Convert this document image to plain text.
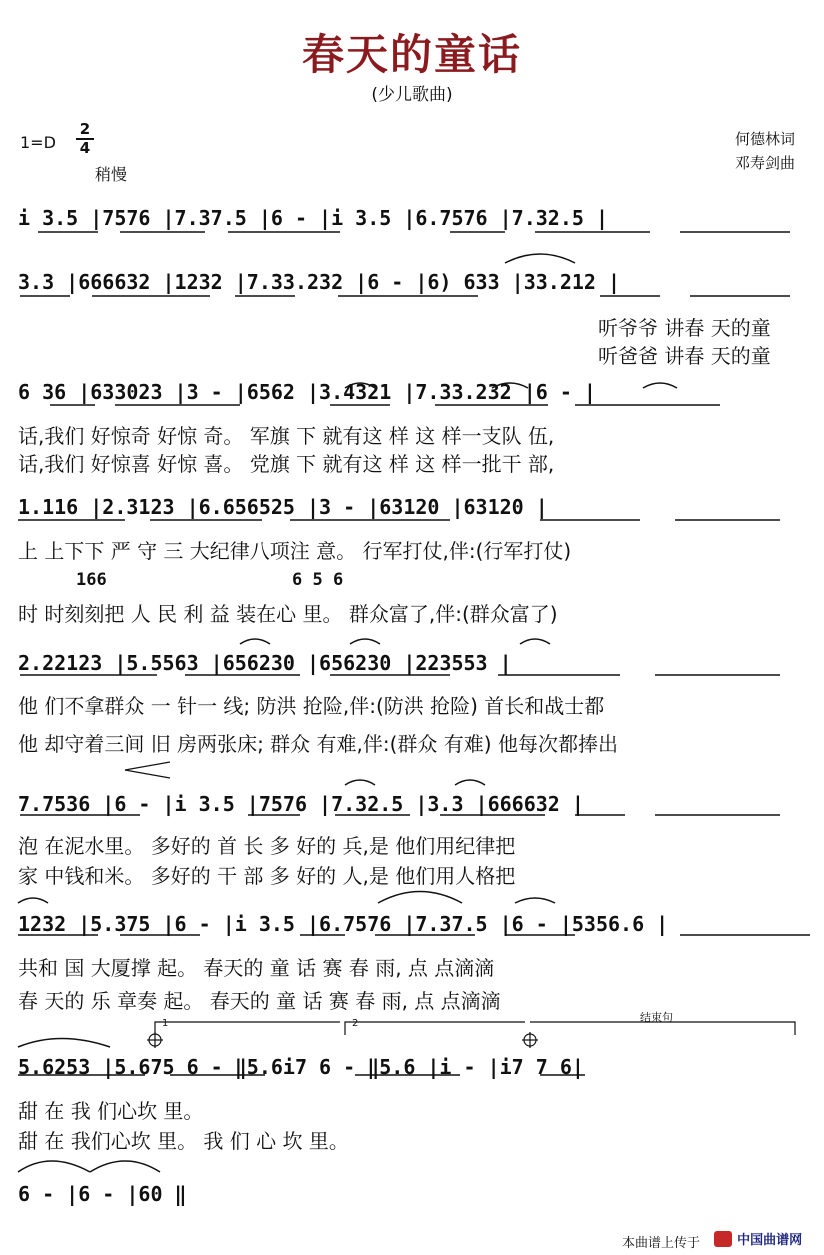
春天的童话
(少儿歌曲)
1=D
2
4
稍慢
何德林词
邓寿剑曲
i 3.5 |7576 |7.37.5 |6 - |i 3.5 |6.7576 |7.32.5 |
3.3 |666632 |1232 |7.33.232 |6 - |6) 633 |33.212 |
听爷爷 讲春 天的童
听爸爸 讲春 天的童
6 36 |633023 |3 - |6562 |3.4321 |7.33.232 |6 - |
话,我们 好惊奇 好惊 奇。 军旗 下 就有这 样 这 样一支队 伍,
话,我们 好惊喜 好惊 喜。 党旗 下 就有这 样 这 样一批干 部,
1.116 |2.3123 |6.656525 |3 - |63120 |63120 |
上 上下下 严 守 三 大纪律八项注 意。 行军打仗,伴:(行军打仗)
166	6 5 6
时 时刻刻把 人 民 利 益 装在心 里。 群众富了,伴:(群众富了)
2.22123 |5.5563 |656230 |656230 |223553 |
他 们不拿群众 一 针一 线; 防洪 抢险,伴:(防洪 抢险) 首长和战士都
他 却守着三间 旧 房两张床; 群众 有难,伴:(群众 有难) 他每次都捧出
7.7536 |6 - |i 3.5 |7576 |7.32.5 |3.3 |666632 |
泡 在泥水里。 多好的 首 长 多 好的 兵,是 他们用纪律把
家 中钱和米。 多好的 干 部 多 好的 人,是 他们用人格把
1232 |5.375 |6 - |i 3.5 |6.7576 |7.37.5 |6 - |5356.6 |
共和 国 大厦撑 起。 春天的 童 话 赛 春 雨, 点 点滴滴
春 天的 乐 章奏 起。 春天的 童 话 赛 春 雨, 点 点滴滴
结束句
1	2
5.6253 |5.675 6 - ‖5.6i7 6 - ‖5.6 |i - |i7 7 6|
甜 在 我 们心坎 里。
甜 在 我们心坎 里。 我 们 心 坎 里。
6 - |6 - |60 ‖
本曲谱上传于	中国曲谱网
